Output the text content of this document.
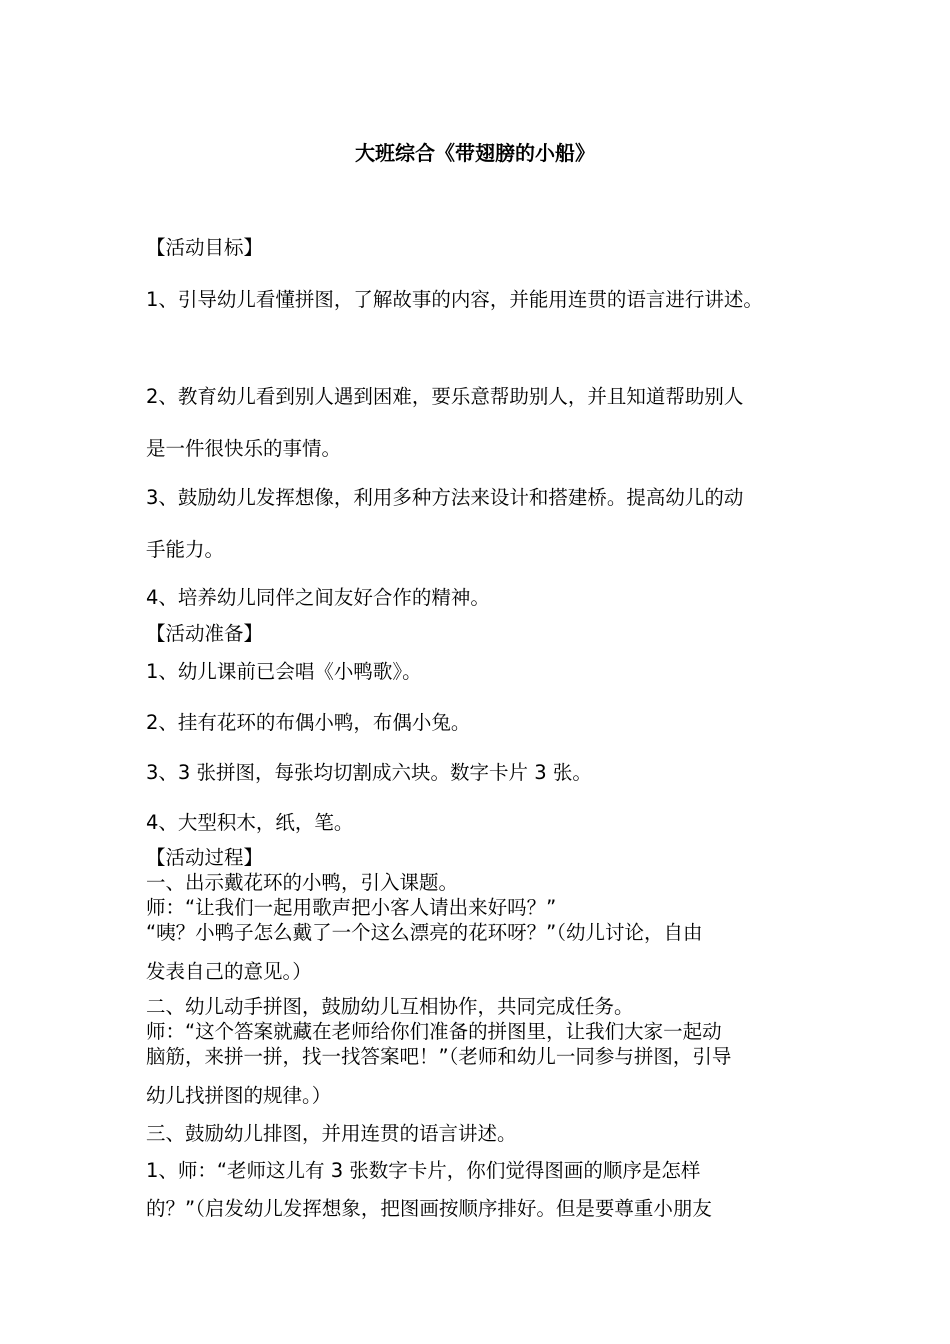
大班综合《带翅膀的小船》
【活动目标】
1、引导幼儿看懂拼图，了解故事的内容，并能用连贯的语言进行讲述。
2、教育幼儿看到别人遇到困难，要乐意帮助别人，并且知道帮助别人
是一件很快乐的事情。
3、鼓励幼儿发挥想像，利用多种方法来设计和搭建桥。提高幼儿的动
手能力。
4、培养幼儿同伴之间友好合作的精神。
【活动准备】
1、幼儿课前已会唱《小鸭歌》。
2、挂有花环的布偶小鸭，布偶小兔。
3、3 张拼图，每张均切割成六块。数字卡片 3 张。
4、大型积木，纸，笔。
【活动过程】
一、出示戴花环的小鸭，引入课题。
师：“让我们一起用歌声把小客人请出来好吗？”
“咦？小鸭子怎么戴了一个这么漂亮的花环呀？”（幼儿讨论，自由
发表自己的意见。）
二、幼儿动手拼图，鼓励幼儿互相协作，共同完成任务。
师：“这个答案就藏在老师给你们准备的拼图里，让我们大家一起动
脑筋，来拼一拼，找一找答案吧！”（老师和幼儿一同参与拼图，引导
幼儿找拼图的规律。）
三、鼓励幼儿排图，并用连贯的语言讲述。
1、师：“老师这儿有 3 张数字卡片，你们觉得图画的顺序是怎样
的？”（启发幼儿发挥想象，把图画按顺序排好。但是要尊重小朋友
